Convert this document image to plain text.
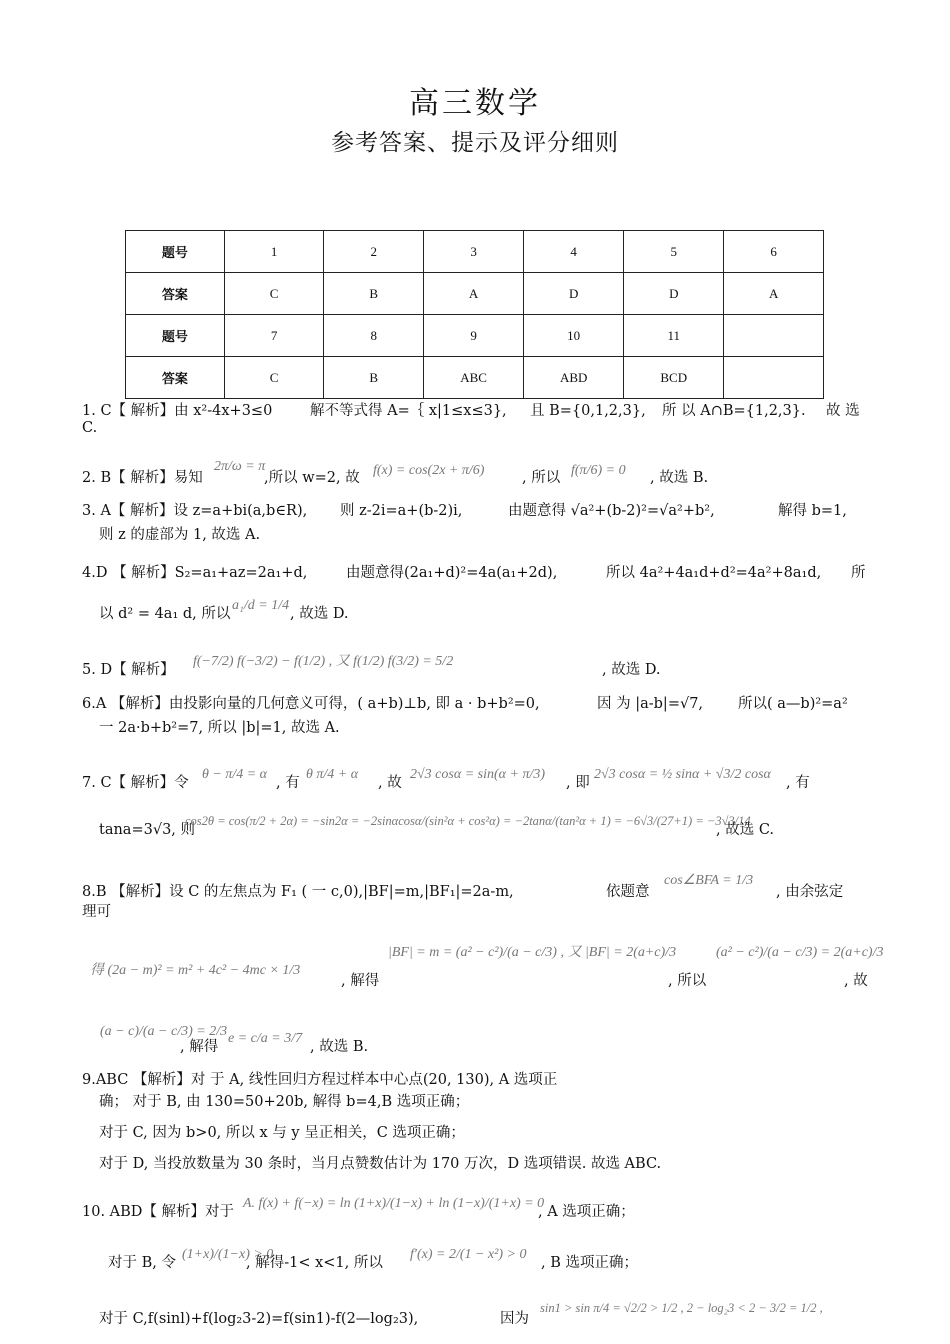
高三数学
参考答案、提示及评分细则
题号	1	2	3	4	5	6
答案	C	B	A	D	D	A
题号	7	8	9	10	11	
答案	C	B	ABC	ABD	BCD	
1. C【 解析】由 x²-4x+3≤0	解不等式得 A=｛ x|1≤x≤3}, 且 B={0,1,2,3}, 所 以 A∩B={1,2,3}. 故 选
C.
2. B【 解析】易知
2π/ω = π
,所以 w=2, 故 f(x) = cos(2x + π/6)	, 所以 f(π/6) = 0 , 故选 B.
3. A【 解析】设 z=a+bi(a,b∈R), 则 z-2i=a+(b-2)i,	由题意得 √a²+(b-2)²=√a²+b²,	解得 b=1,
则 z 的虚部为 1, 故选 A.
4.D 【 解析】S₂=a₁+az=2a₁+d,	由题意得(2a₁+d)²=4a(a₁+2d),	所以 4a²+4a₁d+d²=4a²+8a₁d, 所
以 d² = 4a₁ d, 所以
a₁/d = 1/4
, 故选 D.
5. D【 解析】
f(−7/2) f(−3/2) − f(1/2) , 又 f(1/2) f(3/2) = 5/2
, 故选 D.
6.A 【解析】由投影向量的几何意义可得，( a+b)⊥b, 即 a · b+b²=0,	因 为 |a-b|=√7, 所以( a—b)²=a²
一 2a·b+b²=7, 所以 |b|=1, 故选 A.
7. C【 解析】令
θ − π/4 = α
, 有
θ π/4 + α
, 故
2√3 cosα = sin(α + π/3)
, 即
2√3 cosα = ½ sinα + √3/2 cosα
, 有
tana=3√3, 则
cos2θ = cos(π/2 + 2α) = −sin2α = −2sinαcosα/(sin²α + cos²α) = −2tanα/(tan²α + 1) = −6√3/(27+1) = −3√3/14
, 故选 C.
8.B 【解析】设 C 的左焦点为 F₁ ( 一 c,0),|BF|=m,|BF₁|=2a-m,	依题意
cos∠BFA = 1/3
, 由余弦定
理可
得 (2a − m)² = m² + 4c² − 4mc × 1/3
, 解得
|BF| = m = (a² − c²)/(a − c/3) , 又 |BF| = 2(a+c)/3
, 所以
(a² − c²)/(a − c/3) = 2(a+c)/3
, 故
(a − c)/(a − c/3) = 2/3
, 解得
e = c/a = 3/7
, 故选 B.
9.ABC 【解析】对 于 A, 线性回归方程过样本中心点(20, 130), A 选项正
确； 对于 B, 由 130=50+20b, 解得 b=4,B 选项正确；
对于 C, 因为 b>0, 所以 x 与 y 呈正相关，C 选项正确；
对于 D, 当投放数量为 30 条时，当月点赞数估计为 170 万次，D 选项错误. 故选 ABC.
10. ABD【 解析】对于
A. f(x) + f(−x) = ln (1+x)/(1−x) + ln (1−x)/(1+x) = 0
, A 选项正确；
对于 B, 令
(1+x)/(1−x) > 0
, 解得-1< x<1, 所以
f′(x) = 2/(1 − x²) > 0
, B 选项正确；
对于 C,f(sinl)+f(log₂3-2)=f(sin1)-f(2—log₂3),	因为
sin1 > sin π/4 = √2/2 > 1/2 , 2 − log₂3 < 2 − 3/2 = 1/2 ,
